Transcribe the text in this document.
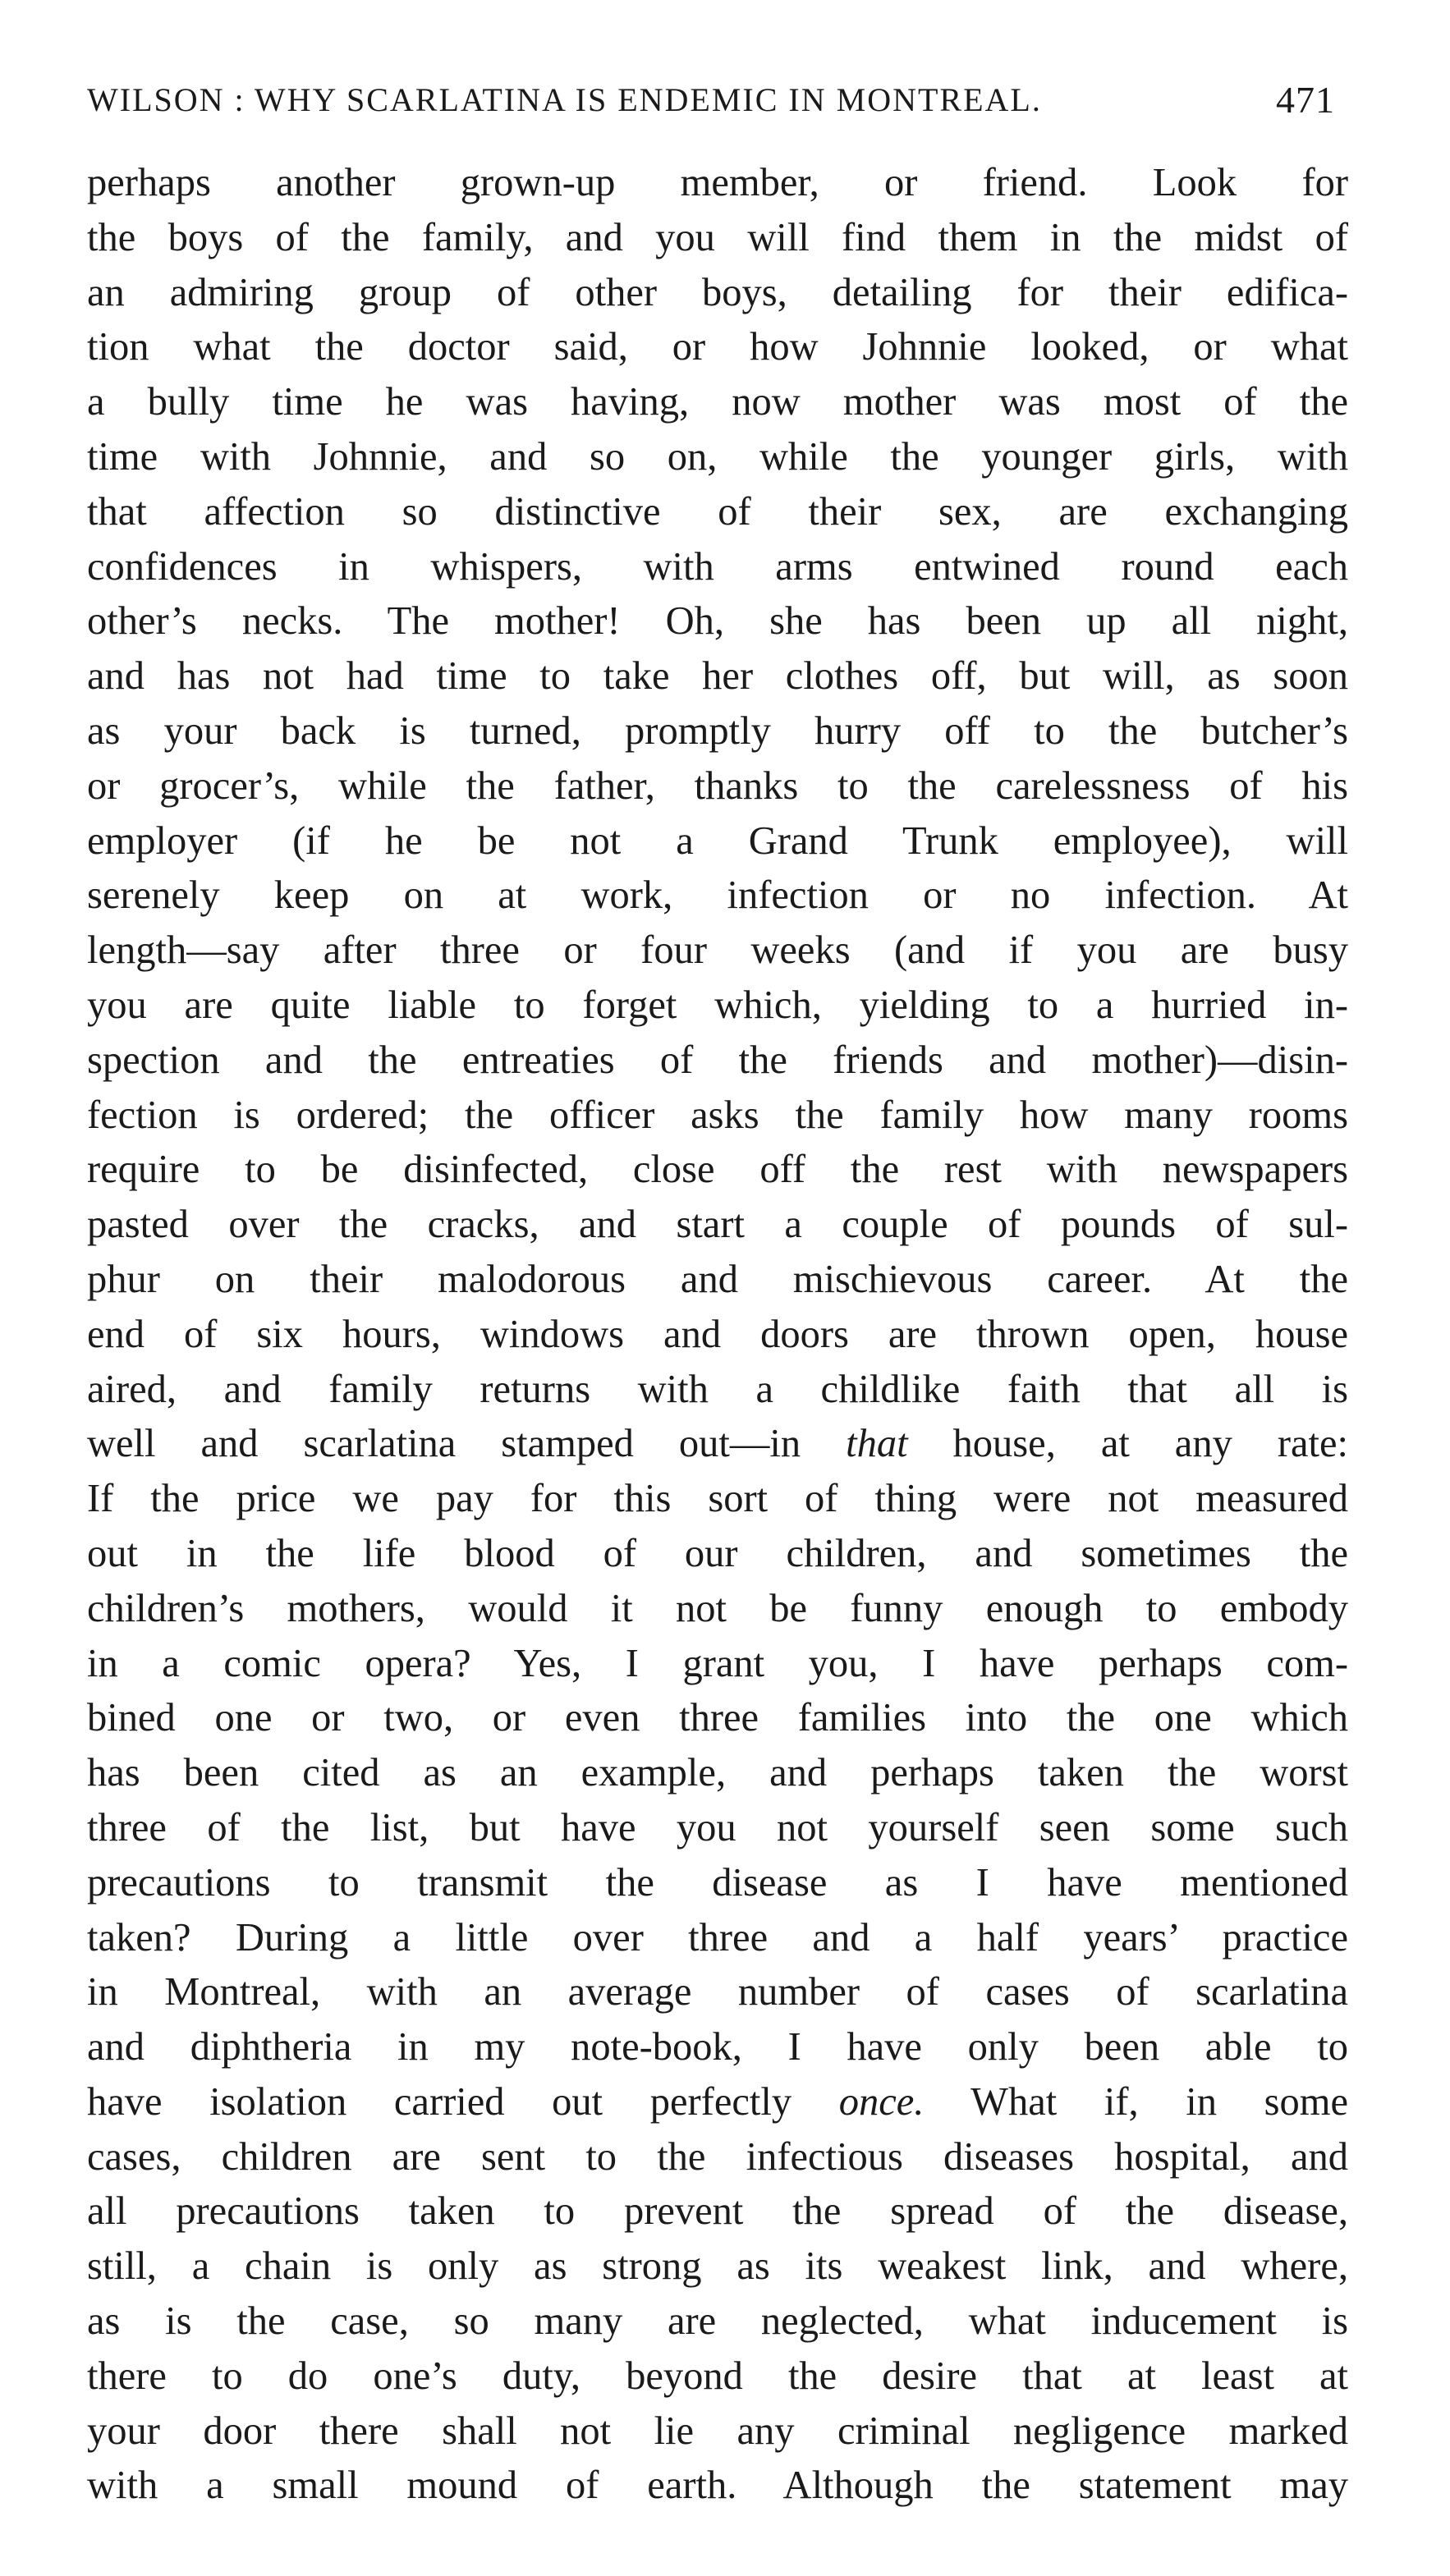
WILSON : WHY SCARLATINA IS ENDEMIC IN MONTREAL.	471
perhaps another grown-up member, or friend. Look for
the boys of the family, and you will find them in the midst of
an admiring group of other boys, detailing for their edifica-
tion what the doctor said, or how Johnnie looked, or what
a bully time he was having, now mother was most of the
time with Johnnie, and so on, while the younger girls, with
that affection so distinctive of their sex, are exchanging
confidences in whispers, with arms entwined round each
other’s necks. The mother! Oh, she has been up all night,
and has not had time to take her clothes off, but will, as soon
as your back is turned, promptly hurry off to the butcher’s
or grocer’s, while the father, thanks to the carelessness of his
employer (if he be not a Grand Trunk employee), will
serenely keep on at work, infection or no infection. At
length—say after three or four weeks (and if you are busy
you are quite liable to forget which, yielding to a hurried in-
spection and the entreaties of the friends and mother)—disin-
fection is ordered; the officer asks the family how many rooms
require to be disinfected, close off the rest with newspapers
pasted over the cracks, and start a couple of pounds of sul-
phur on their malodorous and mischievous career. At the
end of six hours, windows and doors are thrown open, house
aired, and family returns with a childlike faith that all is
well and scarlatina stamped out—in that house, at any rate:
If the price we pay for this sort of thing were not measured
out in the life blood of our children, and sometimes the
children’s mothers, would it not be funny enough to embody
in a comic opera? Yes, I grant you, I have perhaps com-
bined one or two, or even three families into the one which
has been cited as an example, and perhaps taken the worst
three of the list, but have you not yourself seen some such
precautions to transmit the disease as I have mentioned
taken? During a little over three and a half years’ practice
in Montreal, with an average number of cases of scarlatina
and diphtheria in my note-book, I have only been able to
have isolation carried out perfectly once. What if, in some
cases, children are sent to the infectious diseases hospital, and
all precautions taken to prevent the spread of the disease,
still, a chain is only as strong as its weakest link, and where,
as is the case, so many are neglected, what inducement is
there to do one’s duty, beyond the desire that at least at
your door there shall not lie any criminal negligence marked
with a small mound of earth. Although the statement may
